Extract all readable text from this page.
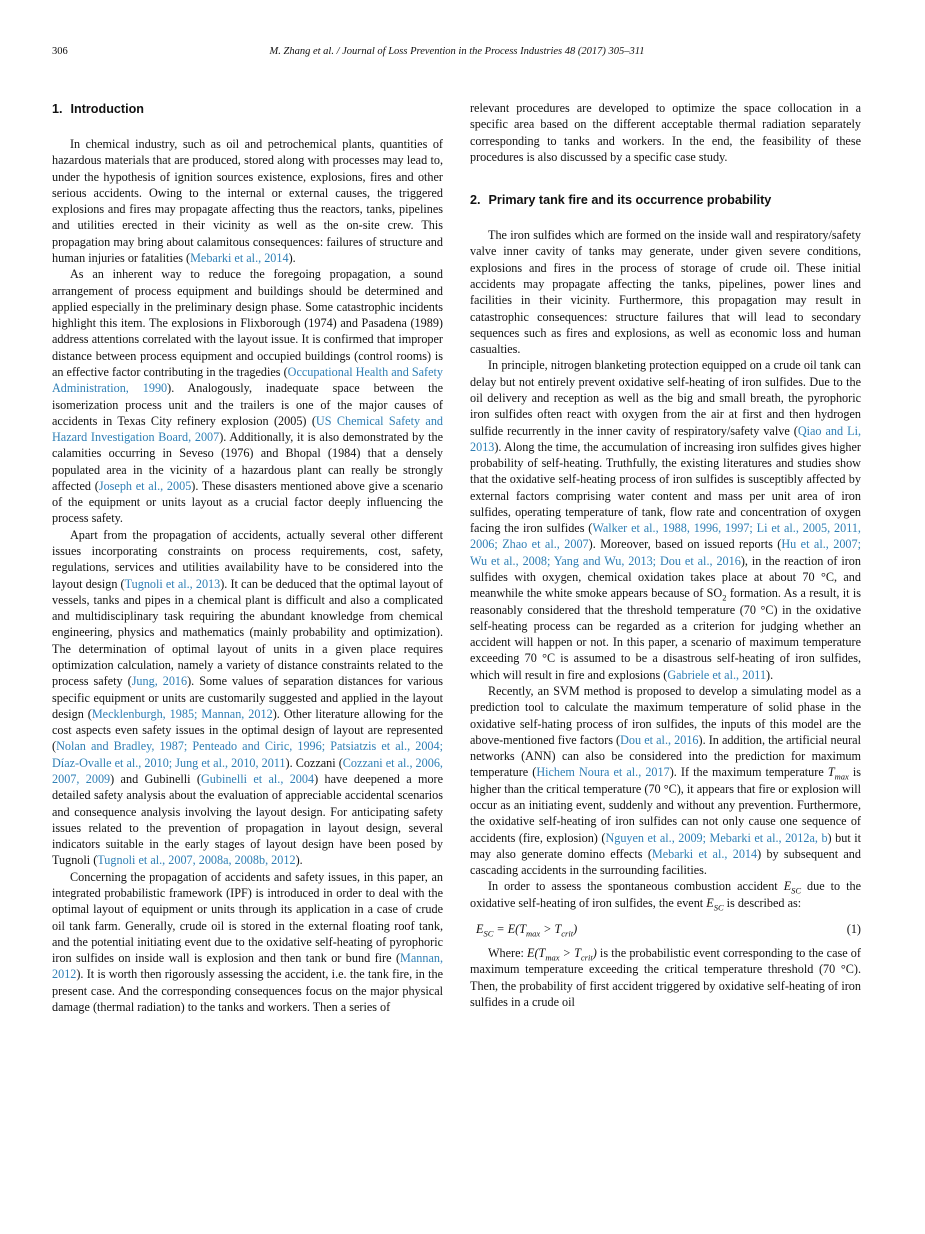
306	M. Zhang et al. / Journal of Loss Prevention in the Process Industries 48 (2017) 305–311
1. Introduction

In chemical industry, such as oil and petrochemical plants, quantities of hazardous materials that are produced, stored along with processes may lead to, under the hypothesis of ignition sources existence, explosions, fires and other serious accidents. Owing to the internal or external causes, the triggered explosions and fires may propagate affecting thus the reactors, tanks, pipelines and utilities erected in their vicinity as well as the on-site crew. This propagation may bring about calamitous consequences: failures of structure and human injuries or fatalities (Mebarki et al., 2014).

As an inherent way to reduce the foregoing propagation, a sound arrangement of process equipment and buildings should be determined and applied especially in the preliminary design phase. Some catastrophic incidents highlight this item. The explosions in Flixborough (1974) and Pasadena (1989) address attentions correlated with the layout issue. It is confirmed that improper distance between process equipment and occupied buildings (control rooms) is an effective factor contributing in the tragedies (Occupational Health and Safety Administration, 1990). Analogously, inadequate space between the isomerization process unit and the trailers is one of the major causes of accidents in Texas City refinery explosion (2005) (US Chemical Safety and Hazard Investigation Board, 2007). Additionally, it is also demonstrated by the calamities occurring in Seveso (1976) and Bhopal (1984) that a densely populated area in the vicinity of a hazardous plant can really be strongly affected (Joseph et al., 2005). These disasters mentioned above give a scenario of the equipment or units layout as a crucial factor deeply influencing the process safety.

Apart from the propagation of accidents, actually several other different issues incorporating constraints on process requirements, cost, safety, regulations, services and utilities availability have to be considered into the layout design (Tugnoli et al., 2013). It can be deduced that the optimal layout of vessels, tanks and pipes in a chemical plant is difficult and also a complicated and multidisciplinary task requiring the abundant knowledge from chemical engineering, physics and mathematics (mainly probability and optimization). The determination of optimal layout of units in a given place requires optimization calculation, namely a variety of distance constraints related to the process safety (Jung, 2016). Some values of separation distances for various specific equipment or units are customarily suggested and applied in the layout design (Mecklenburgh, 1985; Mannan, 2012). Other literature allowing for the cost aspects even safety issues in the optimal design of layout are represented (Nolan and Bradley, 1987; Penteado and Ciric, 1996; Patsiatzis et al., 2004; Díaz-Ovalle et al., 2010; Jung et al., 2010, 2011). Cozzani (Cozzani et al., 2006, 2007, 2009) and Gubinelli (Gubinelli et al., 2004) have deepened a more detailed safety analysis about the evaluation of appreciable accidental scenarios and consequence analysis involving the layout design. For anticipating safety issues related to the prevention of propagation in layout design, several indicators suitable in the early stages of layout design have been posed by Tugnoli (Tugnoli et al., 2007, 2008a, 2008b, 2012).

Concerning the propagation of accidents and safety issues, in this paper, an integrated probabilistic framework (IPF) is introduced in order to deal with the optimal layout of equipment or units through its application in a case of crude oil tank farm. Generally, crude oil is stored in the external floating roof tank, and the potential initiating event due to the oxidative self-heating of pyrophoric iron sulfides on inside wall is explosion and then tank or bund fire (Mannan, 2012). It is worth then rigorously assessing the accident, i.e. the tank fire, in the present case. And the corresponding consequences focus on the major physical damage (thermal radiation) to the tanks and workers. Then a series of

relevant procedures are developed to optimize the space collocation in a specific area based on the different acceptable thermal radiation separately corresponding to tanks and workers. In the end, the feasibility of these procedures is also discussed by a specific case study.

2. Primary tank fire and its occurrence probability

The iron sulfides which are formed on the inside wall and respiratory/safety valve inner cavity of tanks may generate, under given severe conditions, explosions and fires in the process of storage of crude oil. These initial accidents may propagate affecting the tanks, pipelines, power lines and facilities in their vicinity. Furthermore, this propagation may result in catastrophic consequences: structure failures that will lead to secondary sequences such as fires and explosions, as well as economic loss and human casualties.

In principle, nitrogen blanketing protection equipped on a crude oil tank can delay but not entirely prevent oxidative self-heating of iron sulfides. Due to the oil delivery and reception as well as the big and small breath, the pyrophoric iron sulfides often react with oxygen from the air at first and then hydrogen sulfide recurrently in the inner cavity of respiratory/safety valve (Qiao and Li, 2013). Along the time, the accumulation of increasing iron sulfides gives higher probability of self-heating. Truthfully, the existing literatures and studies show that the oxidative self-heating process of iron sulfides is susceptibly affected by external factors comprising water content and mass per unit area of iron sulfides, operating temperature of tank, flow rate and concentration of oxygen facing the iron sulfides (Walker et al., 1988, 1996, 1997; Li et al., 2005, 2011, 2006; Zhao et al., 2007). Moreover, based on issued reports (Hu et al., 2007; Wu et al., 2008; Yang and Wu, 2013; Dou et al., 2016), in the reaction of iron sulfides with oxygen, chemical oxidation takes place at about 70 °C, and meanwhile the white smoke appears because of $SO_2$ formation. As a result, it is reasonably considered that the threshold temperature (70 °C) in the oxidative self-heating process can be regarded as a criterion for judging whether an accident will happen or not. In this paper, a scenario of maximum temperature exceeding 70 °C is assumed to be a disastrous self-heating of iron sulfides, which will result in fire and explosions (Gabriele et al., 2011).

Recently, an SVM method is proposed to develop a simulating model as a prediction tool to calculate the maximum temperature of solid phase in the oxidative self-hating process of iron sulfides, the inputs of this model are the above-mentioned five factors (Dou et al., 2016). In addition, the artificial neural networks (ANN) can also be considered into the prediction for maximum temperature (Hichem Noura et al., 2017). If the maximum temperature $T_{max}$ is higher than the critical temperature (70 °C), it appears that fire or explosion will occur as an initiating event, suddenly and without any prevention. Furthermore, the oxidative self-heating of iron sulfides can not only cause one sequence of accidents (fire, explosion) (Nguyen et al., 2009; Mebarki et al., 2012a, b) but it may also generate domino effects (Mebarki et al., 2014) by subsequent and cascading accidents in the surrounding facilities.

In order to assess the spontaneous combustion accident $E_{SC}$ due to the oxidative self-heating of iron sulfides, the event $E_{SC}$ is described as:

$E_{SC} = E(T_{max} > T_{crit})$	(1)

Where: $E(T_{max} > T_{crit})$ is the probabilistic event corresponding to the case of maximum temperature exceeding the critical temperature threshold (70 °C). Then, the probability of first accident triggered by oxidative self-heating of iron sulfides in a crude oil
